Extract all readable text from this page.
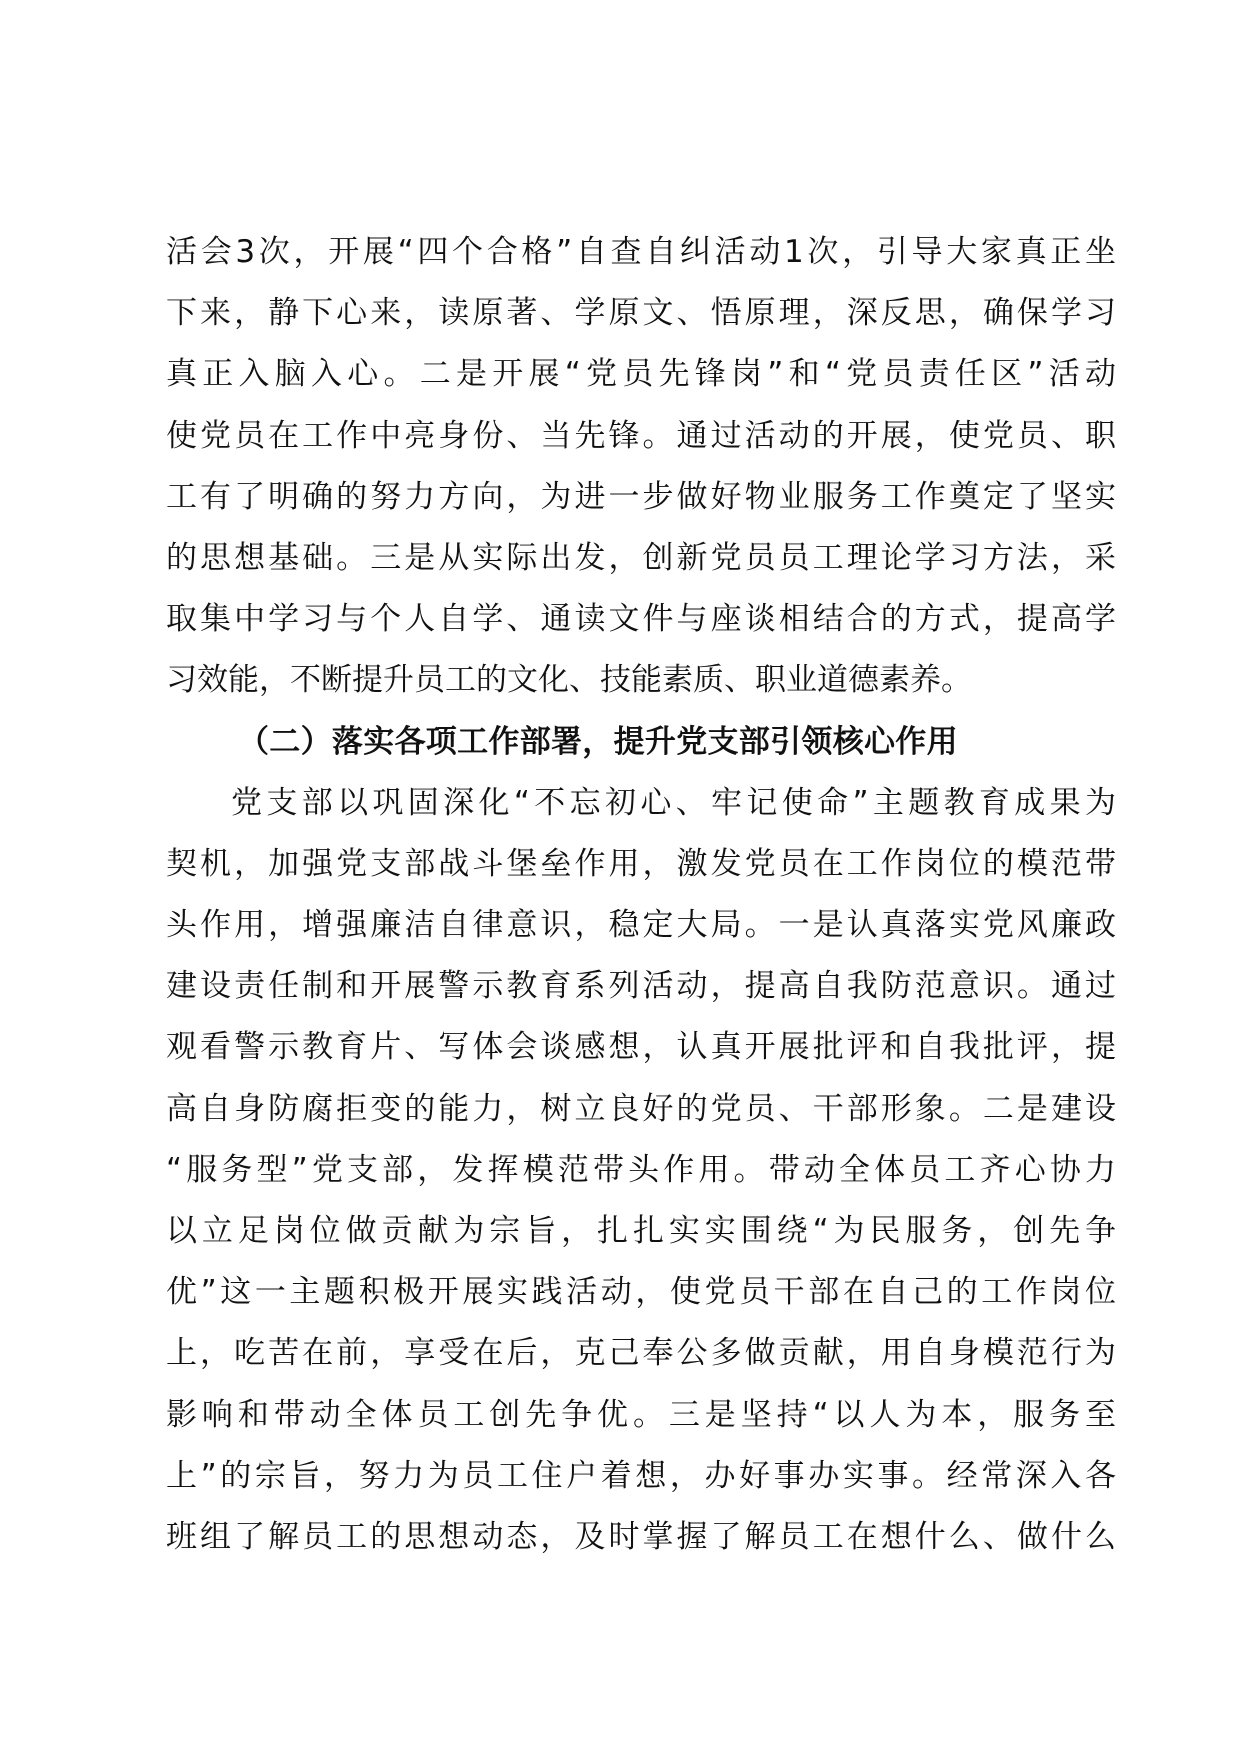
活会3次，开展“四个合格”自查自纠活动1次，引导大家真正坐
下来，静下心来，读原著、学原文、悟原理，深反思，确保学习
真正入脑入心。二是开展“党员先锋岗”和“党员责任区”活动
使党员在工作中亮身份、当先锋。通过活动的开展，使党员、职
工有了明确的努力方向，为进一步做好物业服务工作奠定了坚实
的思想基础。三是从实际出发，创新党员员工理论学习方法，采
取集中学习与个人自学、通读文件与座谈相结合的方式，提高学
习效能，不断提升员工的文化、技能素质、职业道德素养。
（二）落实各项工作部署，提升党支部引领核心作用
党支部以巩固深化“不忘初心、牢记使命”主题教育成果为
契机，加强党支部战斗堡垒作用，激发党员在工作岗位的模范带
头作用，增强廉洁自律意识，稳定大局。一是认真落实党风廉政
建设责任制和开展警示教育系列活动，提高自我防范意识。通过
观看警示教育片、写体会谈感想，认真开展批评和自我批评，提
高自身防腐拒变的能力，树立良好的党员、干部形象。二是建设
“服务型”党支部，发挥模范带头作用。带动全体员工齐心协力
以立足岗位做贡献为宗旨，扎扎实实围绕“为民服务，创先争
优”这一主题积极开展实践活动，使党员干部在自己的工作岗位
上，吃苦在前，享受在后，克己奉公多做贡献，用自身模范行为
影响和带动全体员工创先争优。三是坚持“以人为本，服务至
上”的宗旨，努力为员工住户着想，办好事办实事。经常深入各
班组了解员工的思想动态，及时掌握了解员工在想什么、做什么
